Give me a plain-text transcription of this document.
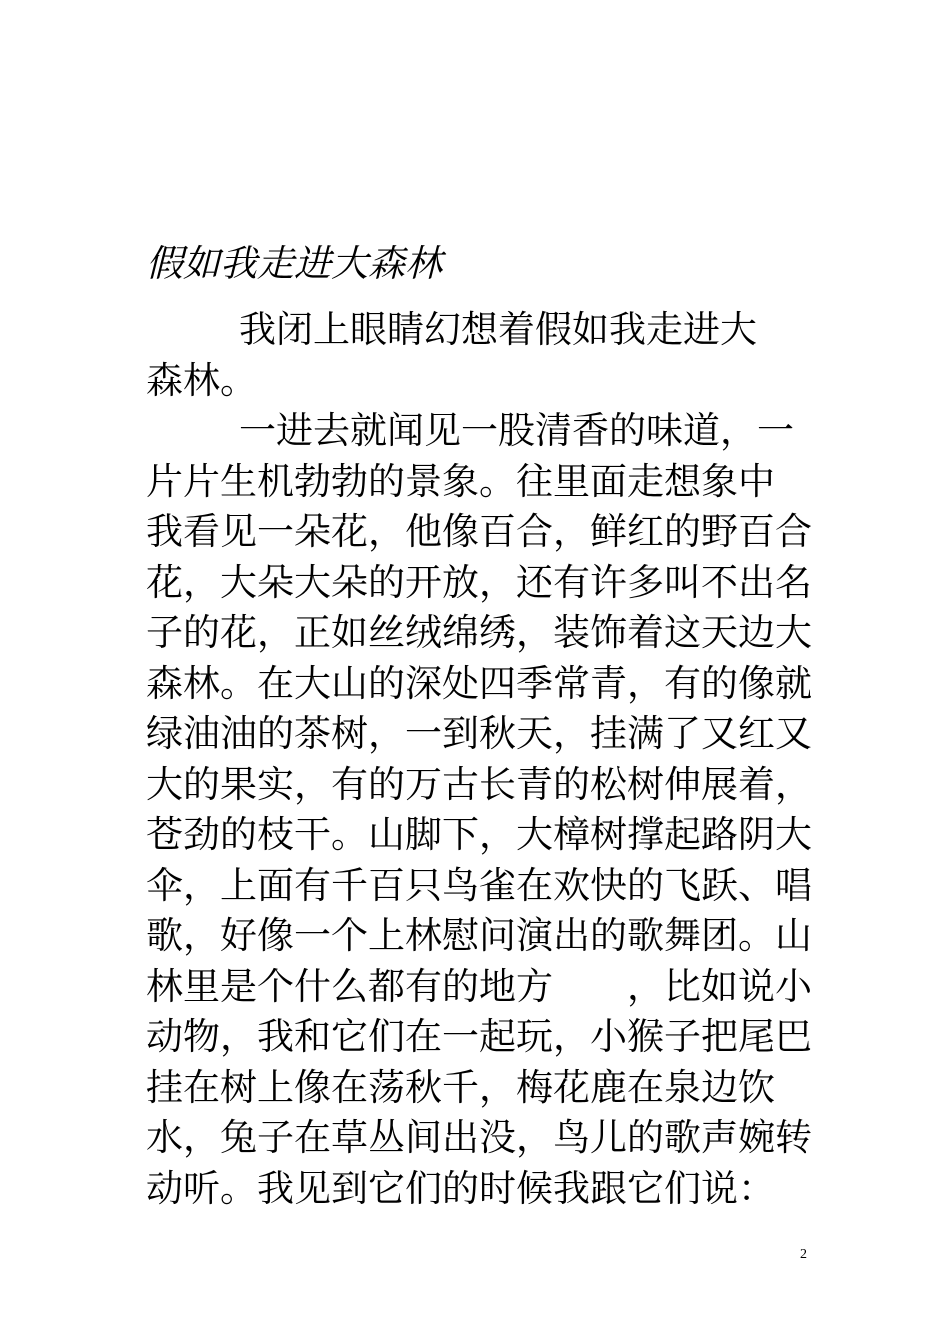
假如我走进大森林
我闭上眼睛幻想着假如我走进大
森林。
一进去就闻见一股清香的味道，一
片片生机勃勃的景象。往里面走想象中
我看见一朵花，他像百合，鲜红的野百合
花，大朵大朵的开放，还有许多叫不出名
子的花，正如丝绒绵绣，装饰着这天边大
森林。在大山的深处四季常青，有的像就
绿油油的茶树，一到秋天，挂满了又红又
大的果实，有的万古长青的松树伸展着，
苍劲的枝干。山脚下，大樟树撑起路阴大
伞，上面有千百只鸟雀在欢快的飞跃、唱
歌，好像一个上林慰问演出的歌舞团。山
林里是个什么都有的地方　　，比如说小
动物，我和它们在一起玩，小猴子把尾巴
挂在树上像在荡秋千，梅花鹿在泉边饮
水，兔子在草丛间出没，鸟儿的歌声婉转
动听。我见到它们的时候我跟它们说：
2
